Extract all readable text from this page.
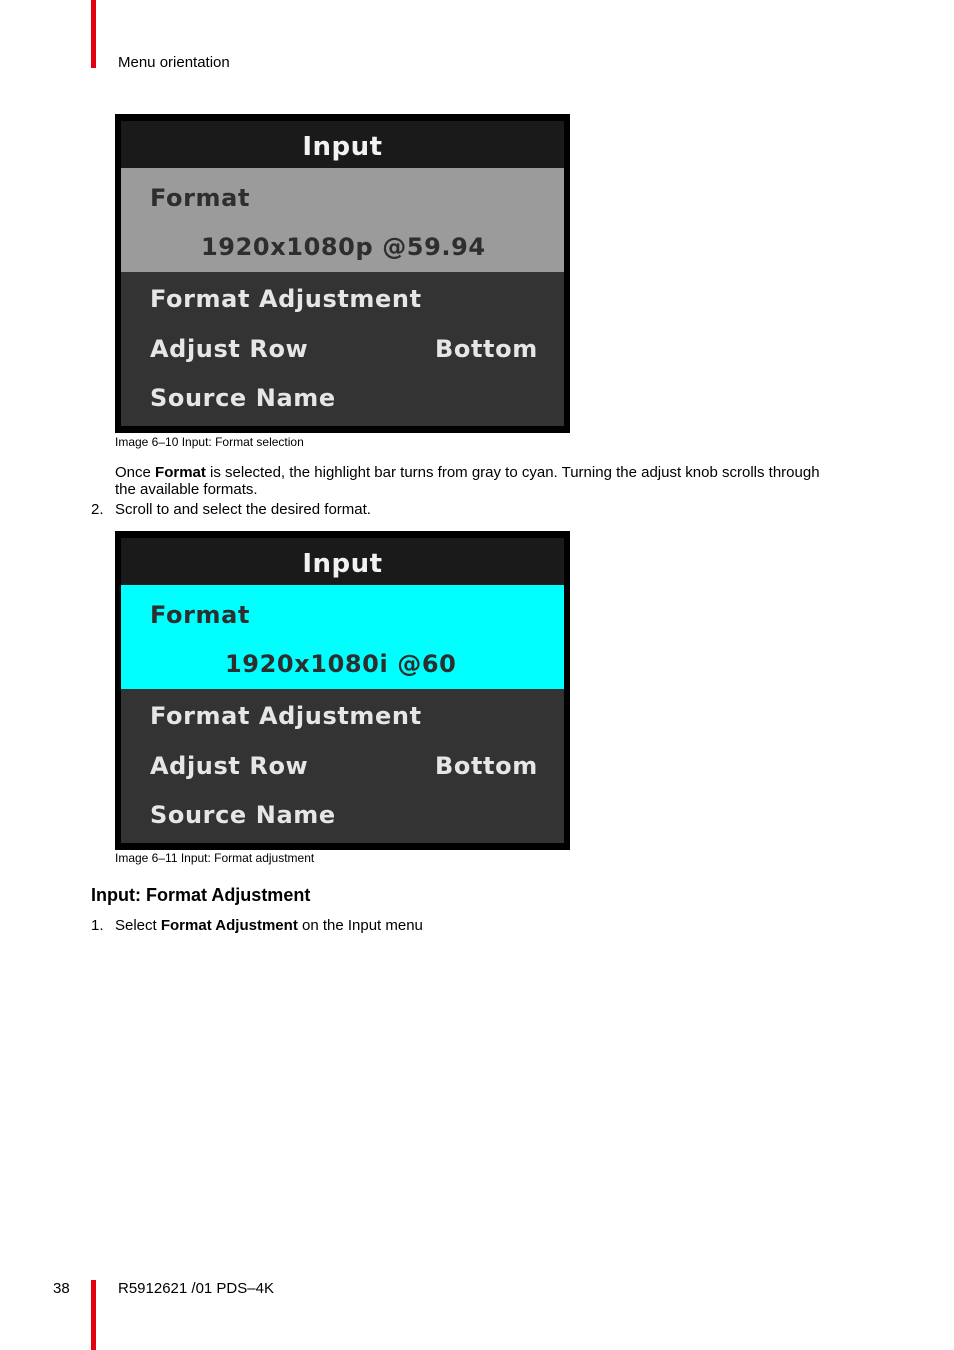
Menu orientation
Input
Format
1920x1080p @59.94
Format Adjustment
Adjust Row	Bottom
Source Name
Image 6–10 Input: Format selection
Once Format is selected, the highlight bar turns from gray to cyan. Turning the adjust knob scrolls through
the available formats.
2. Scroll to and select the desired format.
Input
Format
1920x1080i @60
Format Adjustment
Adjust Row	Bottom
Source Name
Image 6–11 Input: Format adjustment
Input: Format Adjustment
1. Select Format Adjustment on the Input menu
38	R5912621 /01 PDS–4K
